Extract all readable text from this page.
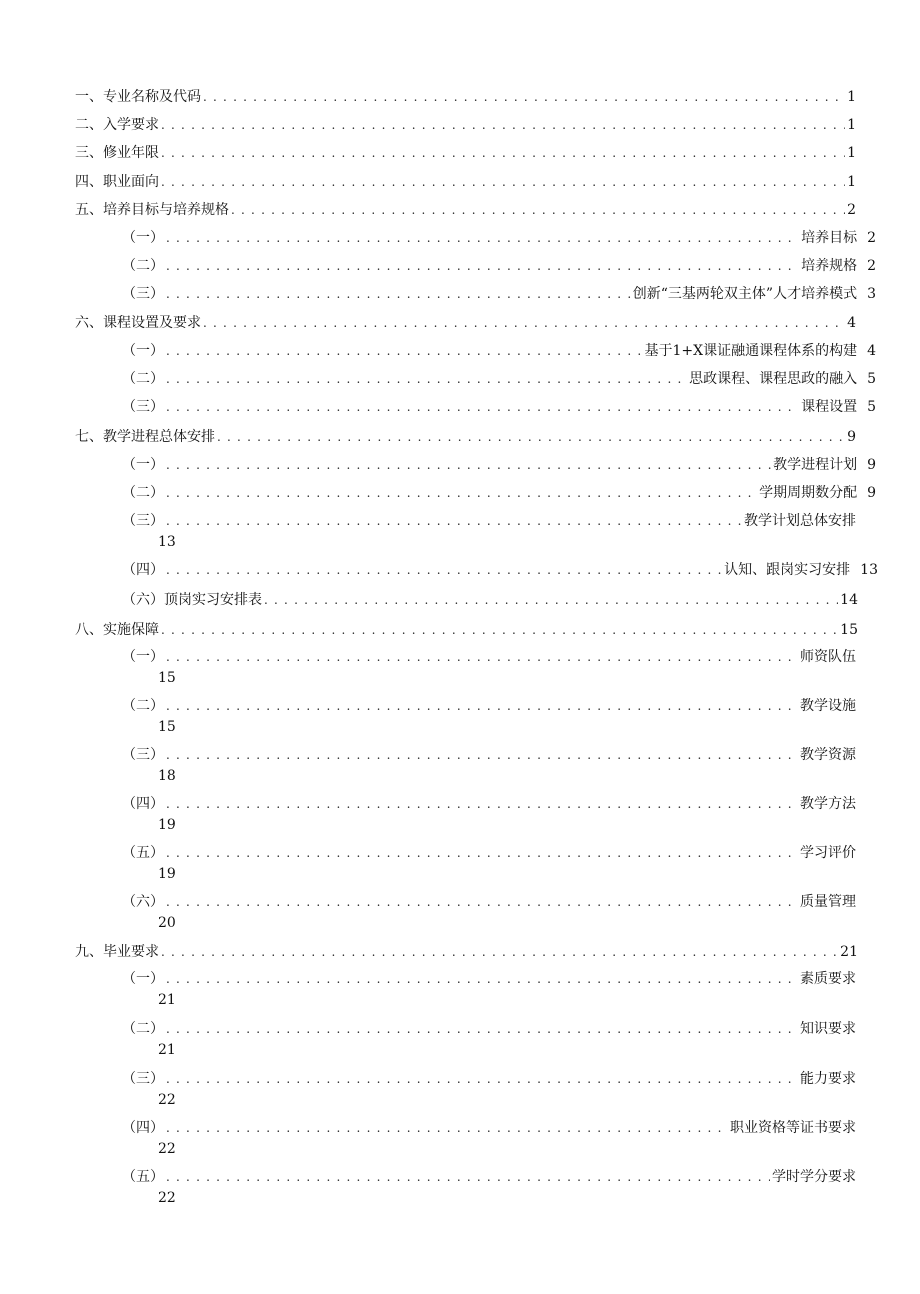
一、专业名称及代码 . . .	1
二、入学要求 . . .	1
三、修业年限 . . .	1
四、职业面向 . . .	1
五、培养目标与培养规格 . . .	2
（一） . . .	培养目标 2
（二） . . .	培养规格 2
（三） . . .	创新“三基两轮双主体”人才培养模式 3
六、课程设置及要求 . . .	4
（一） . . .	基于1+X课证融通课程体系的构建 4
（二） . . .	思政课程、课程思政的融入 5
（三） . . .	课程设置 5
七、教学进程总体安排 . . .	9
（一） . . .	教学进程计划 9
（二） . . .	学期周期数分配 9
（三） . . .	教学计划总体安排
13
（四） . . .	认知、跟岗实习安排 13
（六）顶岗实习安排表 . . .	14
八、实施保障 . . .	15
（一） . . .	师资队伍
15
（二） . . .	教学设施
15
（三） . . .	教学资源
18
（四） . . .	教学方法
19
（五） . . .	学习评价
19
（六） . . .	质量管理
20
九、毕业要求 . . .	21
（一） . . .	素质要求
21
（二） . . .	知识要求
21
（三） . . .	能力要求
22
（四） . . .	职业资格等证书要求
22
（五） . . .	学时学分要求
22
